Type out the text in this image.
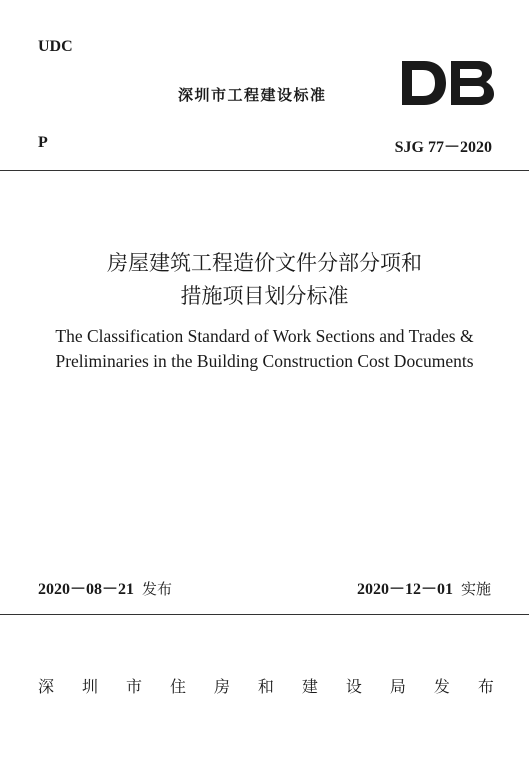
UDC
深圳市工程建设标准
P	SJG 77－2020
房屋建筑工程造价文件分部分项和
措施项目划分标准
The Classification Standard of Work Sections and Trades &
Preliminaries in the Building Construction Cost Documents
2020－08－21 发布	2020－12－01 实施
深 圳 市 住 房 和 建 设 局 发 布
